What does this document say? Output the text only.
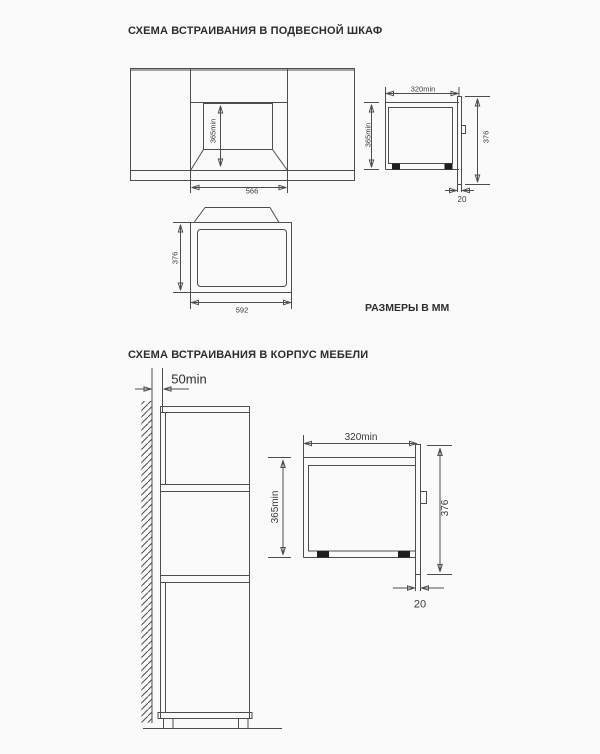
СХЕМА ВСТРАИВАНИЯ В ПОДВЕСНОЙ ШКАФ
365min
566
320min
365min	376
20
376
592	РАЗМЕРЫ В ММ
СХЕМА ВСТРАИВАНИЯ В КОРПУС МЕБЕЛИ
50min
320min
365min	376
20
